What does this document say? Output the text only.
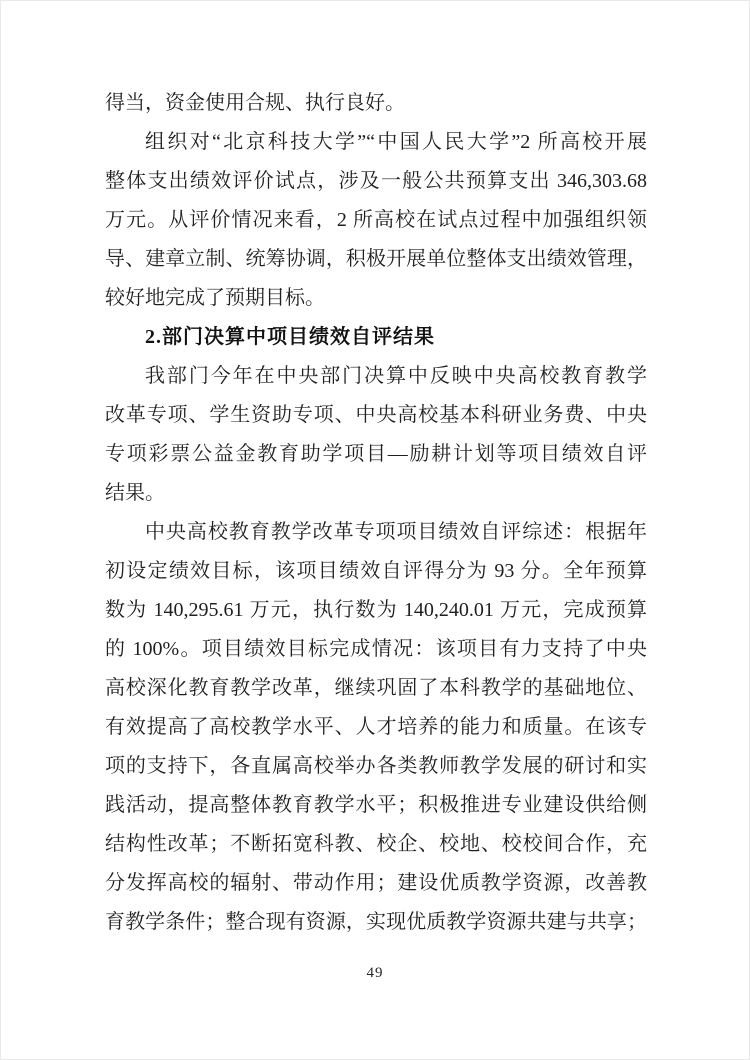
得当，资金使用合规、执行良好。
组织对“北京科技大学”“中国人民大学”2 所高校开展
整体支出绩效评价试点，涉及一般公共预算支出 346,303.68
万元。从评价情况来看，2 所高校在试点过程中加强组织领
导、建章立制、统筹协调，积极开展单位整体支出绩效管理，
较好地完成了预期目标。
2.部门决算中项目绩效自评结果
我部门今年在中央部门决算中反映中央高校教育教学
改革专项、学生资助专项、中央高校基本科研业务费、中央
专项彩票公益金教育助学项目—励耕计划等项目绩效自评
结果。
中央高校教育教学改革专项项目绩效自评综述：根据年
初设定绩效目标，该项目绩效自评得分为 93 分。全年预算
数为 140,295.61 万元，执行数为 140,240.01 万元，完成预算
的 100%。项目绩效目标完成情况：该项目有力支持了中央
高校深化教育教学改革，继续巩固了本科教学的基础地位、
有效提高了高校教学水平、人才培养的能力和质量。在该专
项的支持下，各直属高校举办各类教师教学发展的研讨和实
践活动，提高整体教育教学水平；积极推进专业建设供给侧
结构性改革；不断拓宽科教、校企、校地、校校间合作，充
分发挥高校的辐射、带动作用；建设优质教学资源，改善教
育教学条件；整合现有资源，实现优质教学资源共建与共享；
49
